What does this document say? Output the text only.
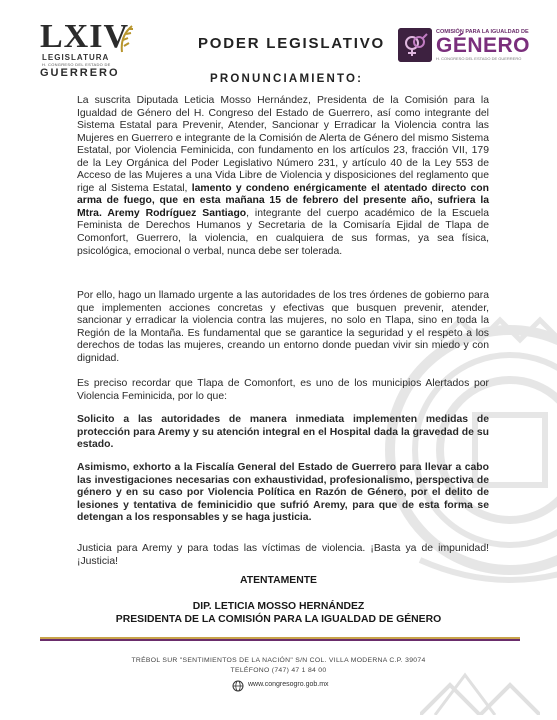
LXIV
LEGISLATURA
H. CONGRESO DEL ESTADO DE
GUERRERO
PODER LEGISLATIVO
COMISIÓN PARA LA IGUALDAD DE
GÉNERO
H. CONGRESO DEL ESTADO DE GUERRERO
PRONUNCIAMIENTO:
La suscrita Diputada Leticia Mosso Hernández, Presidenta de la Comisión para la Igualdad de Género del H. Congreso del Estado de Guerrero, así como integrante del Sistema Estatal para Prevenir, Atender, Sancionar y Erradicar la Violencia contra las Mujeres en Guerrero e integrante de la Comisión de Alerta de Género del mismo Sistema Estatal, por Violencia Feminicida, con fundamento en los artículos 23, fracción VII, 179 de la Ley Orgánica del Poder Legislativo Número 231, y artículo 40 de la Ley 553 de Acceso de las Mujeres a una Vida Libre de Violencia y disposiciones del reglamento que rige al Sistema Estatal, lamento y condeno enérgicamente el atentado directo con arma de fuego, que en esta mañana 15 de febrero del presente año, sufriera la Mtra. Aremy Rodríguez Santiago, integrante del cuerpo académico de la Escuela Feminista de Derechos Humanos y Secretaria de la Comisaría Ejidal de Tlapa de Comonfort, Guerrero, la violencia, en cualquiera de sus formas, ya sea física, psicológica, emocional o verbal, nunca debe ser tolerada.
Por ello, hago un llamado urgente a las autoridades de los tres órdenes de gobierno para que implementen acciones concretas y efectivas que busquen prevenir, atender, sancionar y erradicar la violencia contra las mujeres, no solo en Tlapa, sino en toda la Región de la Montaña. Es fundamental que se garantice la seguridad y el respeto a los derechos de todas las mujeres, creando un entorno donde puedan vivir sin miedo y con dignidad.
Es preciso recordar que Tlapa de Comonfort, es uno de los municipios Alertados por Violencia Feminicida, por lo que:
Solicito a las autoridades de manera inmediata implementen medidas de protección para Aremy y su atención integral en el Hospital dada la gravedad de su estado.
Asimismo, exhorto a la Fiscalía General del Estado de Guerrero para llevar a cabo las investigaciones necesarias con exhaustividad, profesionalismo, perspectiva de género y en su caso por Violencia Política en Razón de Género, por el delito de lesiones y tentativa de feminicidio que sufrió Aremy, para que de esta forma se detengan a los responsables y se haga justicia.
Justicia para Aremy y para todas las víctimas de violencia. ¡Basta ya de impunidad! ¡Justicia!
ATENTAMENTE
DIP. LETICIA MOSSO HERNÁNDEZ
PRESIDENTA DE LA COMISIÓN PARA LA IGUALDAD DE GÉNERO
TRÉBOL SUR "SENTIMIENTOS DE LA NACIÓN" S/N COL. VILLA MODERNA C.P. 39074
TELÉFONO (747) 47 1 84 00
www.congresogro.gob.mx
